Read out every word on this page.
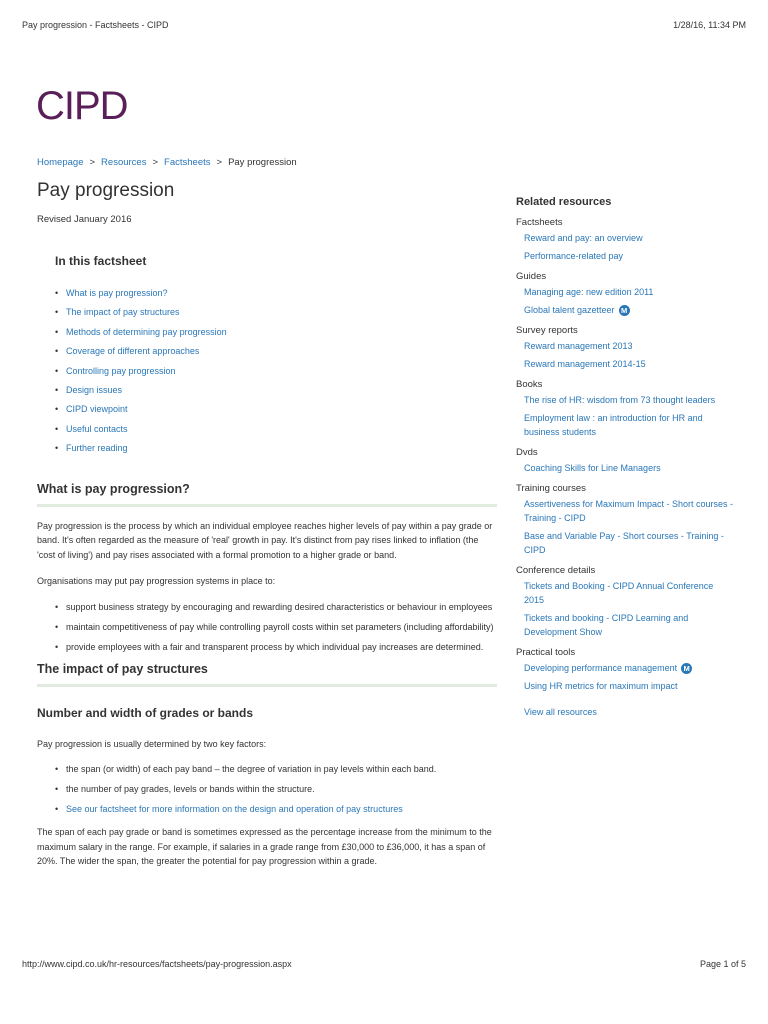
Pay progression - Factsheets - CIPD	1/28/16, 11:34 PM
CIPD
Homepage > Resources > Factsheets > Pay progression
Pay progression
Revised January 2016
In this factsheet
• What is pay progression?
• The impact of pay structures
• Methods of determining pay progression
• Coverage of different approaches
• Controlling pay progression
• Design issues
• CIPD viewpoint
• Useful contacts
• Further reading
What is pay progression?

Pay progression is the process by which an individual employee reaches higher levels of pay within a pay grade or band. It's often regarded as the measure of 'real' growth in pay. It's distinct from pay rises linked to inflation (the 'cost of living') and pay rises associated with a formal promotion to a higher grade or band.

Organisations may put pay progression systems in place to:

• support business strategy by encouraging and rewarding desired characteristics or behaviour in employees
• maintain competitiveness of pay while controlling payroll costs within set parameters (including affordability)
• provide employees with a fair and transparent process by which individual pay increases are determined.
The impact of pay structures
Number and width of grades or bands

Pay progression is usually determined by two key factors:

• the span (or width) of each pay band – the degree of variation in pay levels within each band.
• the number of pay grades, levels or bands within the structure.
• See our factsheet for more information on the design and operation of pay structures

The span of each pay grade or band is sometimes expressed as the percentage increase from the minimum to the maximum salary in the range. For example, if salaries in a grade range from £30,000 to £36,000, it has a span of 20%. The wider the span, the greater the potential for pay progression within a grade.

Related resources
Factsheets
Reward and pay: an overview
Performance-related pay
Guides
Managing age: new edition 2011
Global talent gazetteer M
Survey reports
Reward management 2013
Reward management 2014-15
Books
The rise of HR: wisdom from 73 thought leaders
Employment law : an introduction for HR and business students
Dvds
Coaching Skills for Line Managers
Training courses
Assertiveness for Maximum Impact - Short courses - Training - CIPD
Base and Variable Pay - Short courses - Training - CIPD
Conference details
Tickets and Booking - CIPD Annual Conference 2015
Tickets and booking - CIPD Learning and Development Show
Practical tools
Developing performance management M
Using HR metrics for maximum impact
View all resources
http://www.cipd.co.uk/hr-resources/factsheets/pay-progression.aspx	Page 1 of 5
